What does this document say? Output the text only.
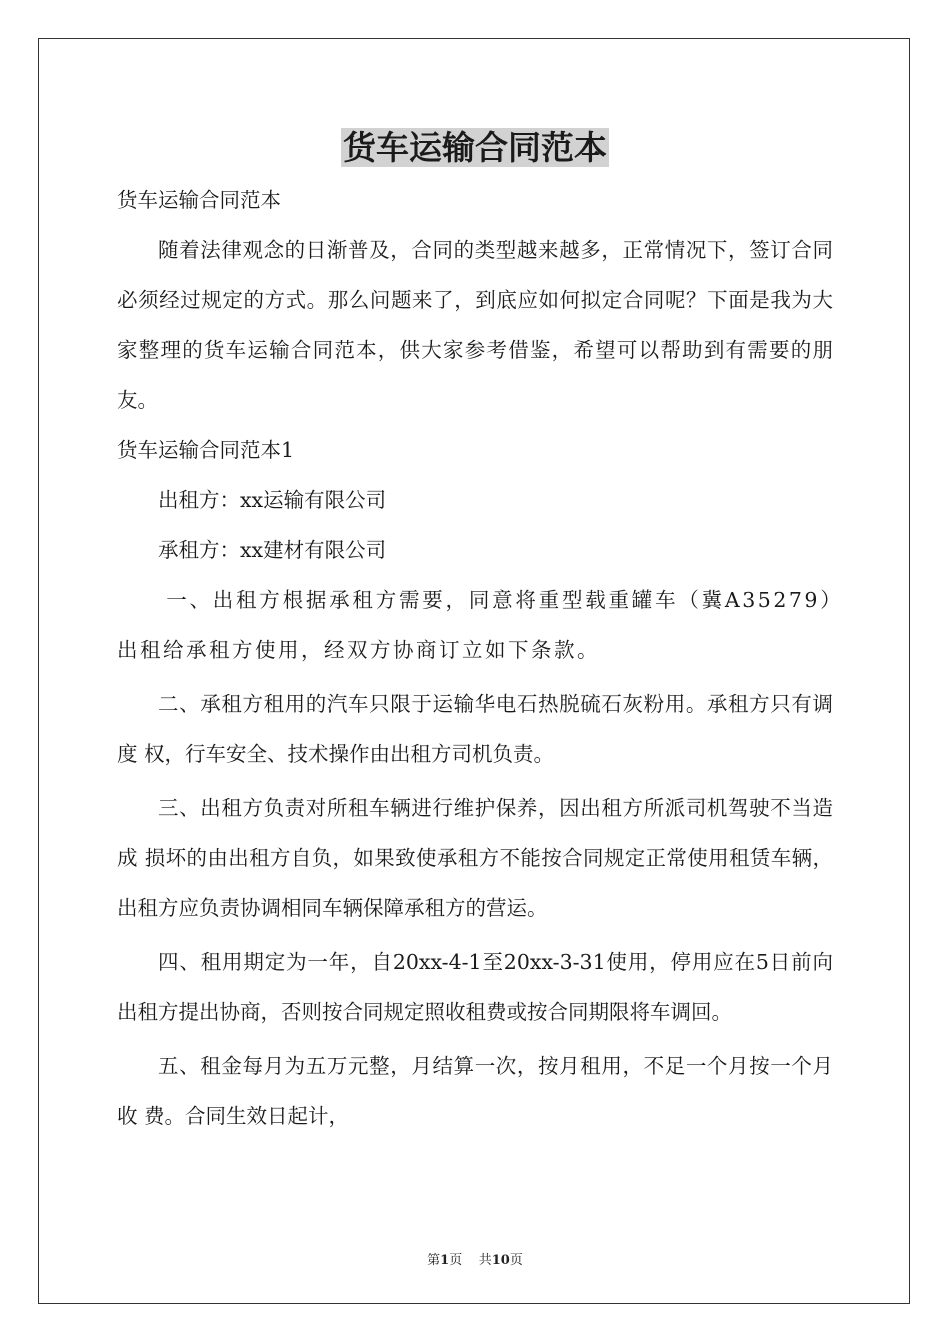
货车运输合同范本

货车运输合同范本

随着法律观念的日渐普及，合同的类型越来越多，正常情况下，签订合同必须经过规定的方式。那么问题来了，到底应如何拟定合同呢？下面是我为大家整理的货车运输合同范本，供大家参考借鉴，希望可以帮助到有需要的朋友。

货车运输合同范本1

出租方：xx运输有限公司

承租方：xx建材有限公司

一、出租方根据承租方需要，同意将重型载重罐车（冀A35279）出租给承租方使用，经双方协商订立如下条款。

二、承租方租用的汽车只限于运输华电石热脱硫石灰粉用。承租方只有调度 权，行车安全、技术操作由出租方司机负责。

三、出租方负责对所租车辆进行维护保养，因出租方所派司机驾驶不当造成 损坏的由出租方自负，如果致使承租方不能按合同规定正常使用租赁车辆，出租方应负责协调相同车辆保障承租方的营运。

四、租用期定为一年，自20xx-4-1至20xx-3-31使用，停用应在5日前向 出租方提出协商，否则按合同规定照收租费或按合同期限将车调回。

五、租金每月为五万元整，月结算一次，按月租用，不足一个月按一个月收 费。合同生效日起计，

第1页 共10页
